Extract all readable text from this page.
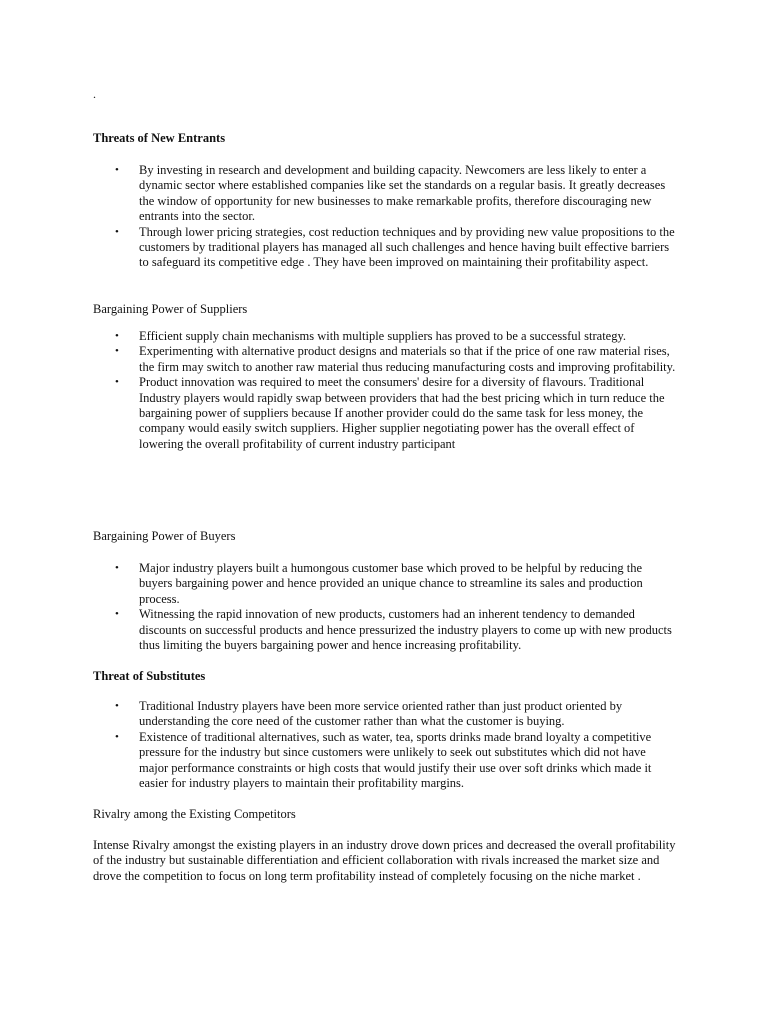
.
Threats of New Entrants
• By investing in research and development and building capacity. Newcomers are less likely to enter a dynamic sector where established companies like set the standards on a regular basis. It greatly decreases the window of opportunity for new businesses to make remarkable profits, therefore discouraging new entrants into the sector.
• Through lower pricing strategies, cost reduction techniques and by providing new value propositions to the customers by traditional players has managed all such challenges and hence having built effective barriers to safeguard its competitive edge . They have been improved on maintaining their profitability aspect.
Bargaining Power of Suppliers
• Efficient supply chain mechanisms with multiple suppliers has proved to be a successful strategy.
• Experimenting with alternative product designs and materials so that if the price of one raw material rises, the firm may switch to another raw material thus reducing manufacturing costs and improving profitability.
• Product innovation was required to meet the consumers' desire for a diversity of flavours. Traditional Industry players would rapidly swap between providers that had the best pricing which in turn reduce the bargaining power of suppliers because If another provider could do the same task for less money, the company would easily switch suppliers. Higher supplier negotiating power has the overall effect of lowering the overall profitability of current industry participant
Bargaining Power of Buyers
• Major industry players built a humongous customer base which proved to be helpful by reducing the buyers bargaining power and hence provided an unique chance to streamline its sales and production process.
• Witnessing the rapid innovation of new products, customers had an inherent tendency to demanded discounts on successful products and hence pressurized the industry players to come up with new products thus limiting the buyers bargaining power and hence increasing profitability.
Threat of Substitutes
• Traditional Industry players have been more service oriented rather than just product oriented by understanding the core need of the customer rather than what the customer is buying.
• Existence of traditional alternatives, such as water, tea, sports drinks made brand loyalty a competitive pressure for the industry but since customers were unlikely to seek out substitutes which did not have major performance constraints or high costs that would justify their use over soft drinks which made it easier for industry players to maintain their profitability margins.
Rivalry among the Existing Competitors
Intense Rivalry amongst the existing players in an industry drove down prices and decreased the overall profitability of the industry but sustainable differentiation and efficient collaboration with rivals increased the market size and drove the competition to focus on long term profitability instead of completely focusing on the niche market .
